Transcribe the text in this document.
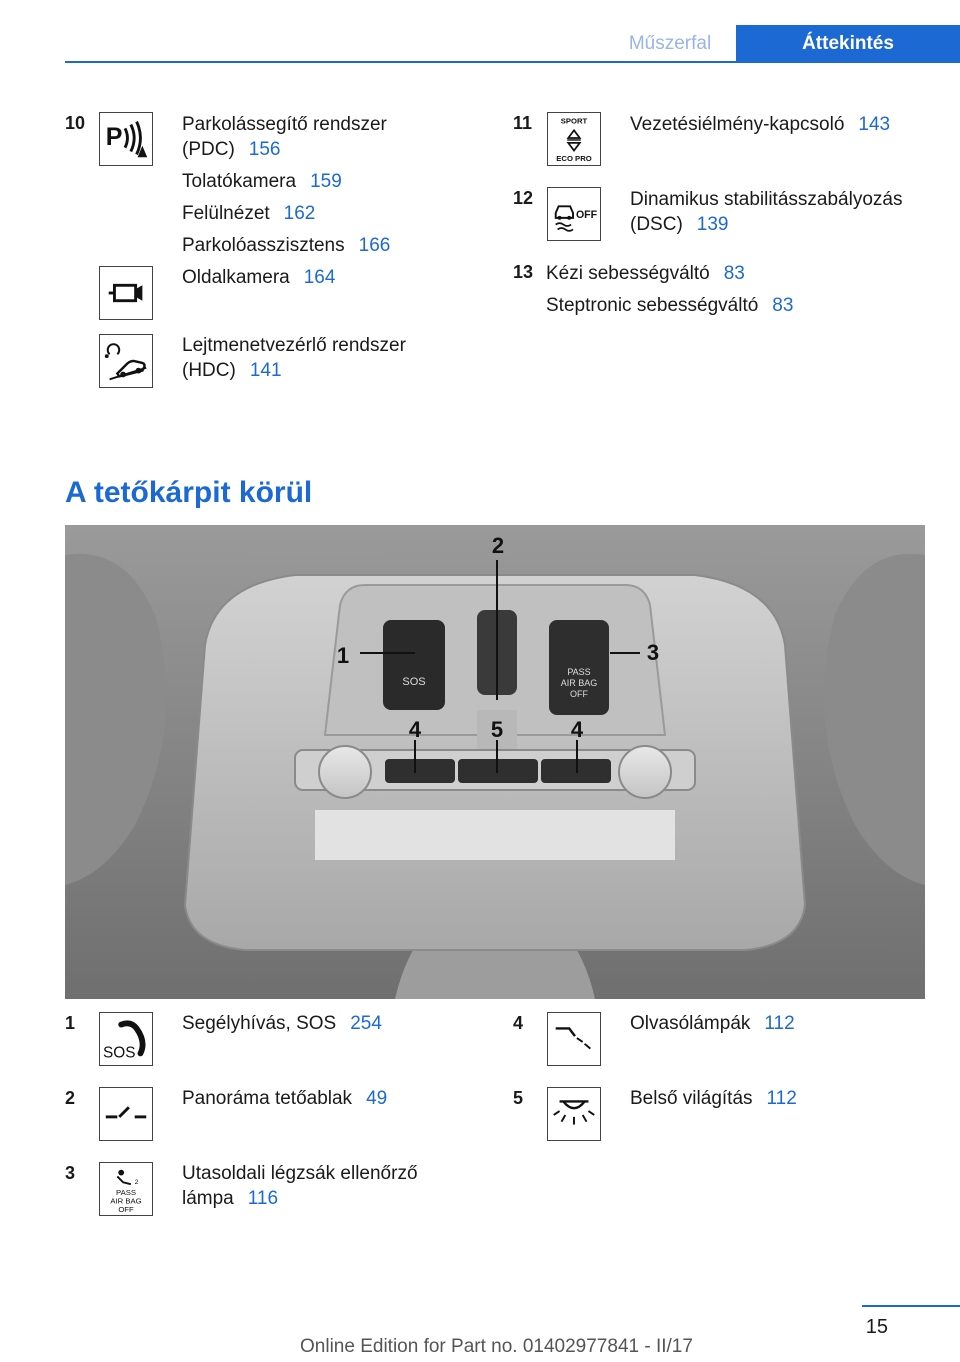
Műszerfal	Áttekintés
10 P	Parkolássegítő rendszer
(PDC) 156
Tolatókamera 159
Felülnézet 162
Parkolóasszisztens 166
Oldalkamera 164
Lejtmenetvezérlő rendszer
(HDC) 141
11	SPORT
ECO PRO
Vezetésiélmény-kapcsoló 143
12
OFF
Dinamikus stabilitásszabályozás
(DSC) 139
13 Kézi sebességváltó 83
Steptronic sebességváltó 83
A tetőkárpit körül
SOS
PASS
AIR BAG
OFF
1
2
3
4	5	4
1
SOS
Segélyhívás, SOS 254
2	Panoráma tetőablak 49
3	2
PASS
AIR BAG
OFF
Utasoldali légzsák ellenőrző
lámpa 116
4	Olvasólámpák 112
5	Belső világítás 112
15
Online Edition for Part no. 01402977841 - II/17
